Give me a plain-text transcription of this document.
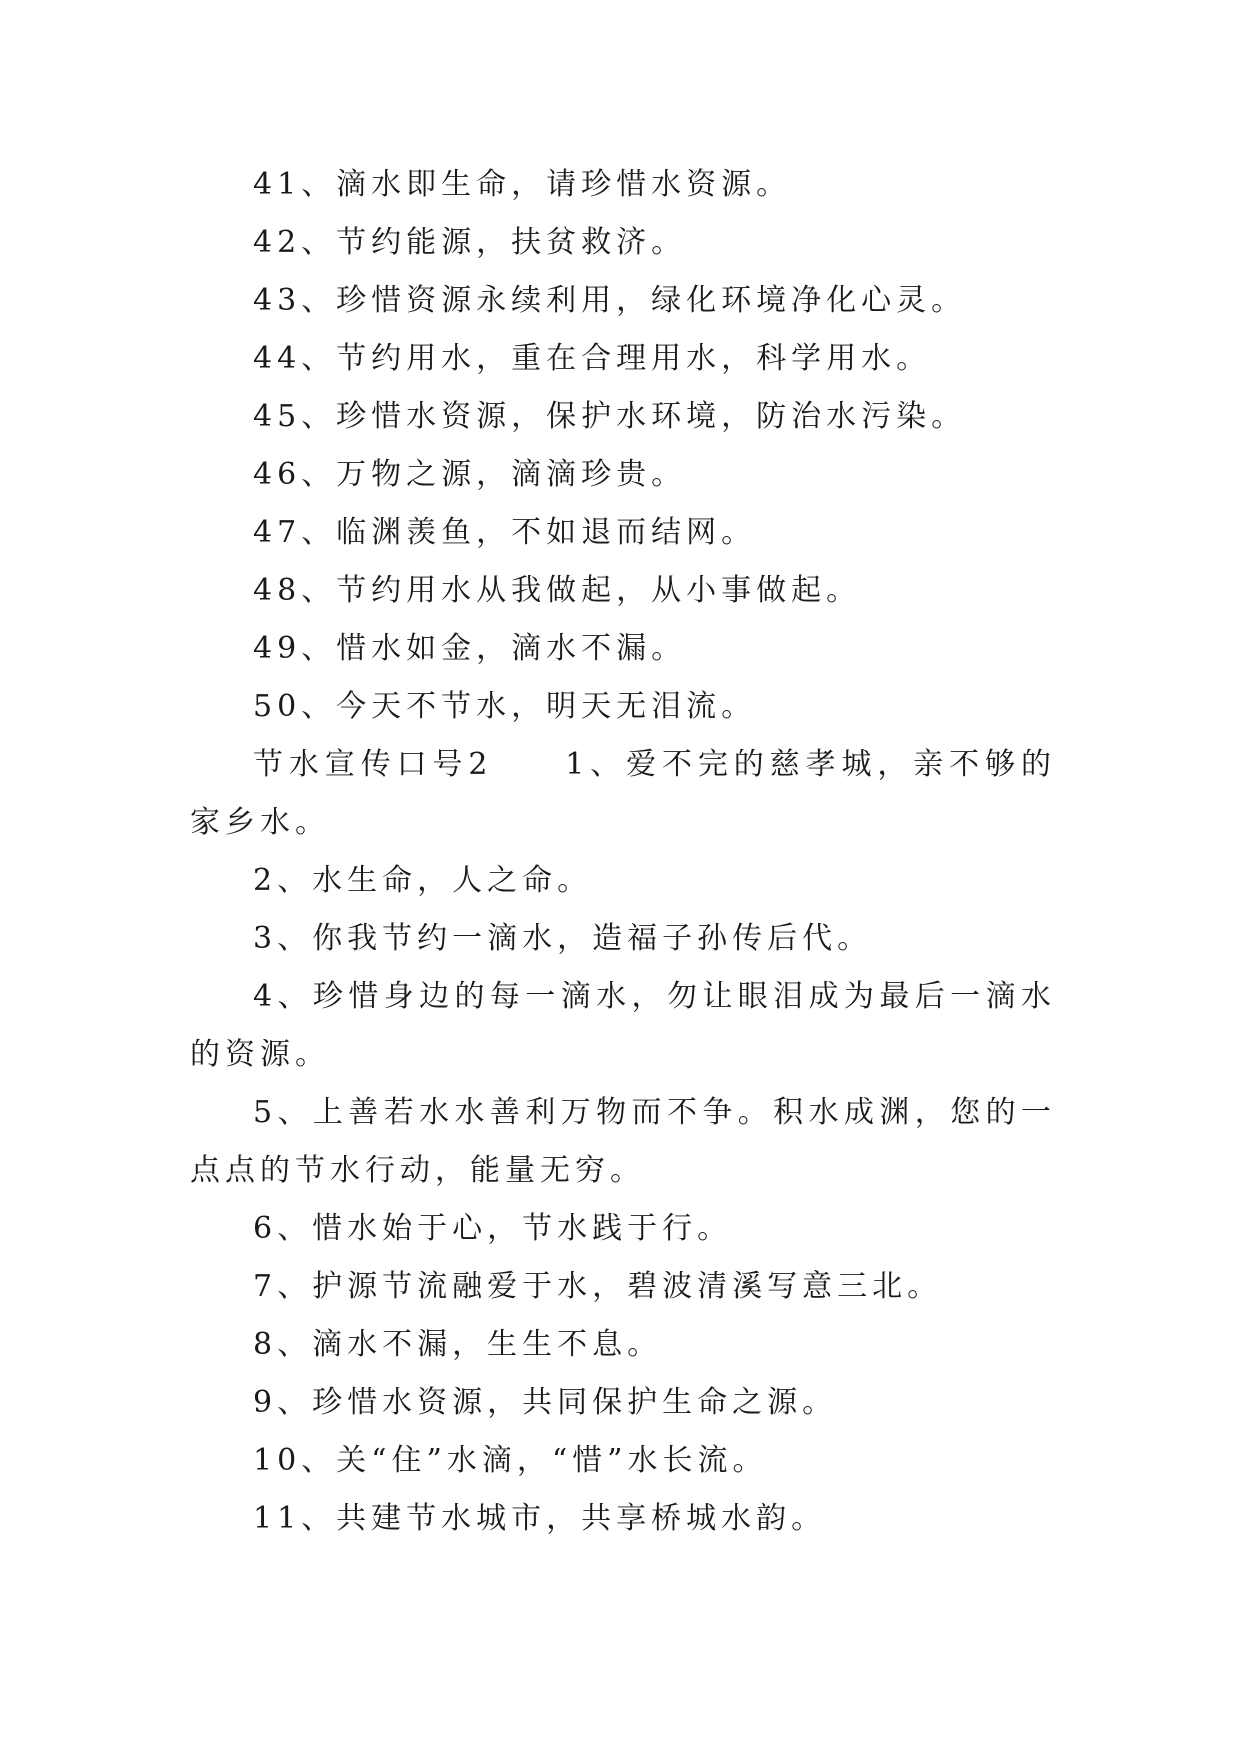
41、滴水即生命，请珍惜水资源。

42、节约能源，扶贫救济。

43、珍惜资源永续利用，绿化环境净化心灵。

44、节约用水，重在合理用水，科学用水。

45、珍惜水资源，保护水环境，防治水污染。

46、万物之源，滴滴珍贵。

47、临渊羡鱼，不如退而结网。

48、节约用水从我做起，从小事做起。

49、惜水如金，滴水不漏。

50、今天不节水，明天无泪流。

节水宣传口号2　　1、爱不完的慈孝城，亲不够的家乡水。

2、水生命，人之命。

3、你我节约一滴水，造福子孙传后代。

4、珍惜身边的每一滴水，勿让眼泪成为最后一滴水的资源。

5、上善若水水善利万物而不争。积水成渊，您的一点点的节水行动，能量无穷。

6、惜水始于心，节水践于行。

7、护源节流融爱于水，碧波清溪写意三北。

8、滴水不漏，生生不息。

9、珍惜水资源，共同保护生命之源。

10、关“住”水滴，“惜”水长流。

11、共建节水城市，共享桥城水韵。
